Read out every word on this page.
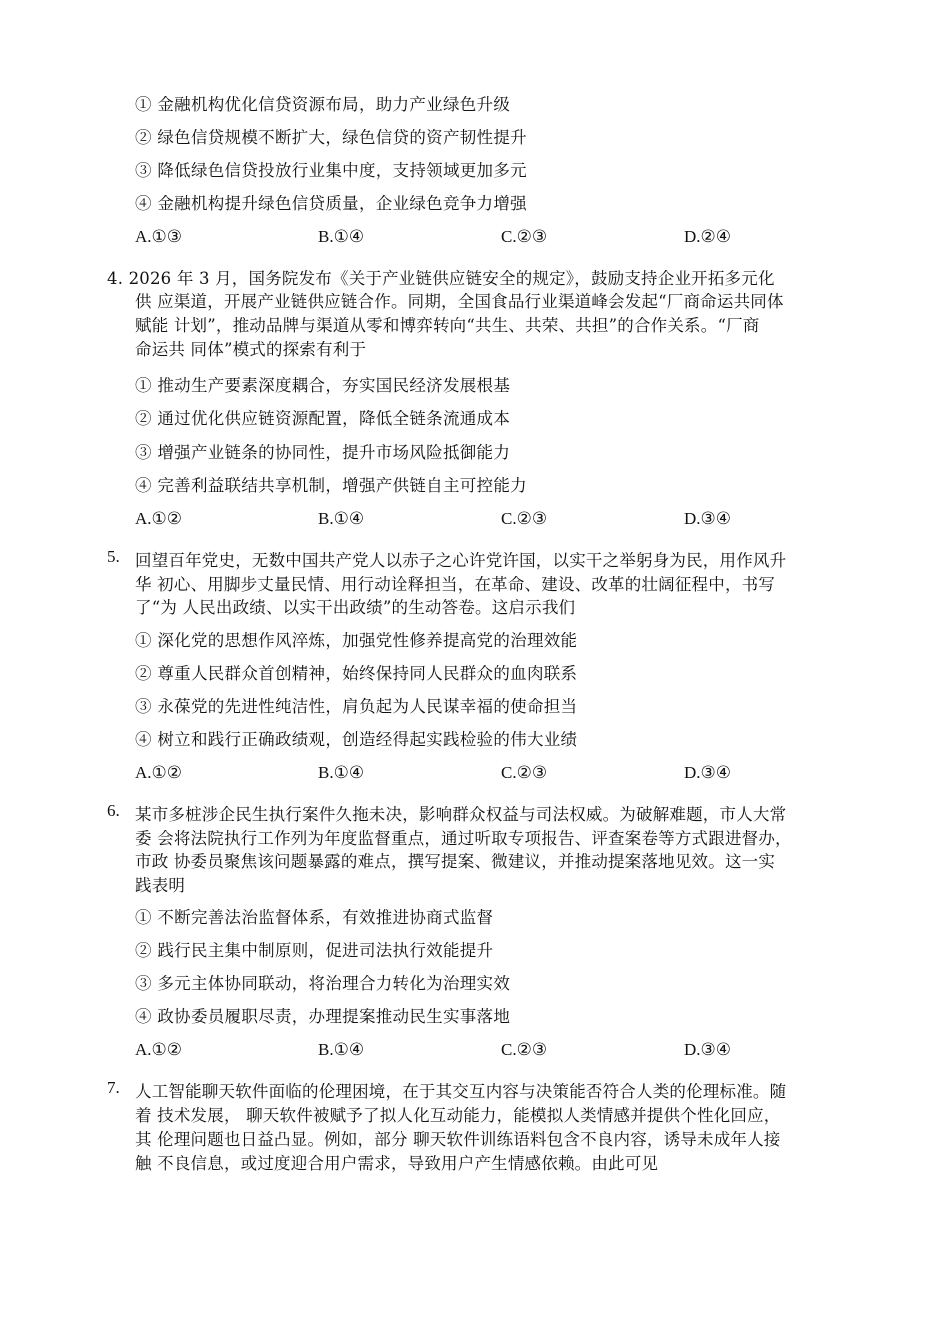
① 金融机构优化信贷资源布局，助力产业绿色升级
② 绿色信贷规模不断扩大，绿色信贷的资产韧性提升
③ 降低绿色信贷投放行业集中度，支持领域更加多元
④ 金融机构提升绿色信贷质量，企业绿色竞争力增强
A.①③	B.①④	C.②③	D.②④
4. 2026 年 3 月，国务院发布《关于产业链供应链安全的规定》，鼓励支持企业开拓多元化
供 应渠道，开展产业链供应链合作。同期，全国食品行业渠道峰会发起“厂商命运共同体
赋能 计划”，推动品牌与渠道从零和博弈转向“共生、共荣、共担”的合作关系。“厂商
命运共 同体”模式的探索有利于
① 推动生产要素深度耦合，夯实国民经济发展根基
② 通过优化供应链资源配置，降低全链条流通成本
③ 增强产业链条的协同性，提升市场风险抵御能力
④ 完善利益联结共享机制，增强产供链自主可控能力
A.①②	B.①④	C.②③	D.③④
5. 回望百年党史，无数中国共产党人以赤子之心许党许国，以实干之举躬身为民，用作风升
华 初心、用脚步丈量民情、用行动诠释担当，在革命、建设、改革的壮阔征程中，书写
了“为 人民出政绩、以实干出政绩”的生动答卷。这启示我们
① 深化党的思想作风淬炼，加强党性修养提高党的治理效能
② 尊重人民群众首创精神，始终保持同人民群众的血肉联系
③ 永葆党的先进性纯洁性，肩负起为人民谋幸福的使命担当
④ 树立和践行正确政绩观，创造经得起实践检验的伟大业绩
A.①②	B.①④	C.②③	D.③④
6. 某市多桩涉企民生执行案件久拖未决，影响群众权益与司法权威。为破解难题，市人大常
委 会将法院执行工作列为年度监督重点，通过听取专项报告、评查案卷等方式跟进督办，
市政 协委员聚焦该问题暴露的难点，撰写提案、微建议，并推动提案落地见效。这一实
践表明
① 不断完善法治监督体系，有效推进协商式监督
② 践行民主集中制原则，促进司法执行效能提升
③ 多元主体协同联动，将治理合力转化为治理实效
④ 政协委员履职尽责，办理提案推动民生实事落地
A.①②	B.①④	C.②③	D.③④
7. 人工智能聊天软件面临的伦理困境，在于其交互内容与决策能否符合人类的伦理标准。随
着 技术发展， 聊天软件被赋予了拟人化互动能力，能模拟人类情感并提供个性化回应，
其 伦理问题也日益凸显。例如，部分 聊天软件训练语料包含不良内容，诱导未成年人接
触 不良信息，或过度迎合用户需求，导致用户产生情感依赖。由此可见
